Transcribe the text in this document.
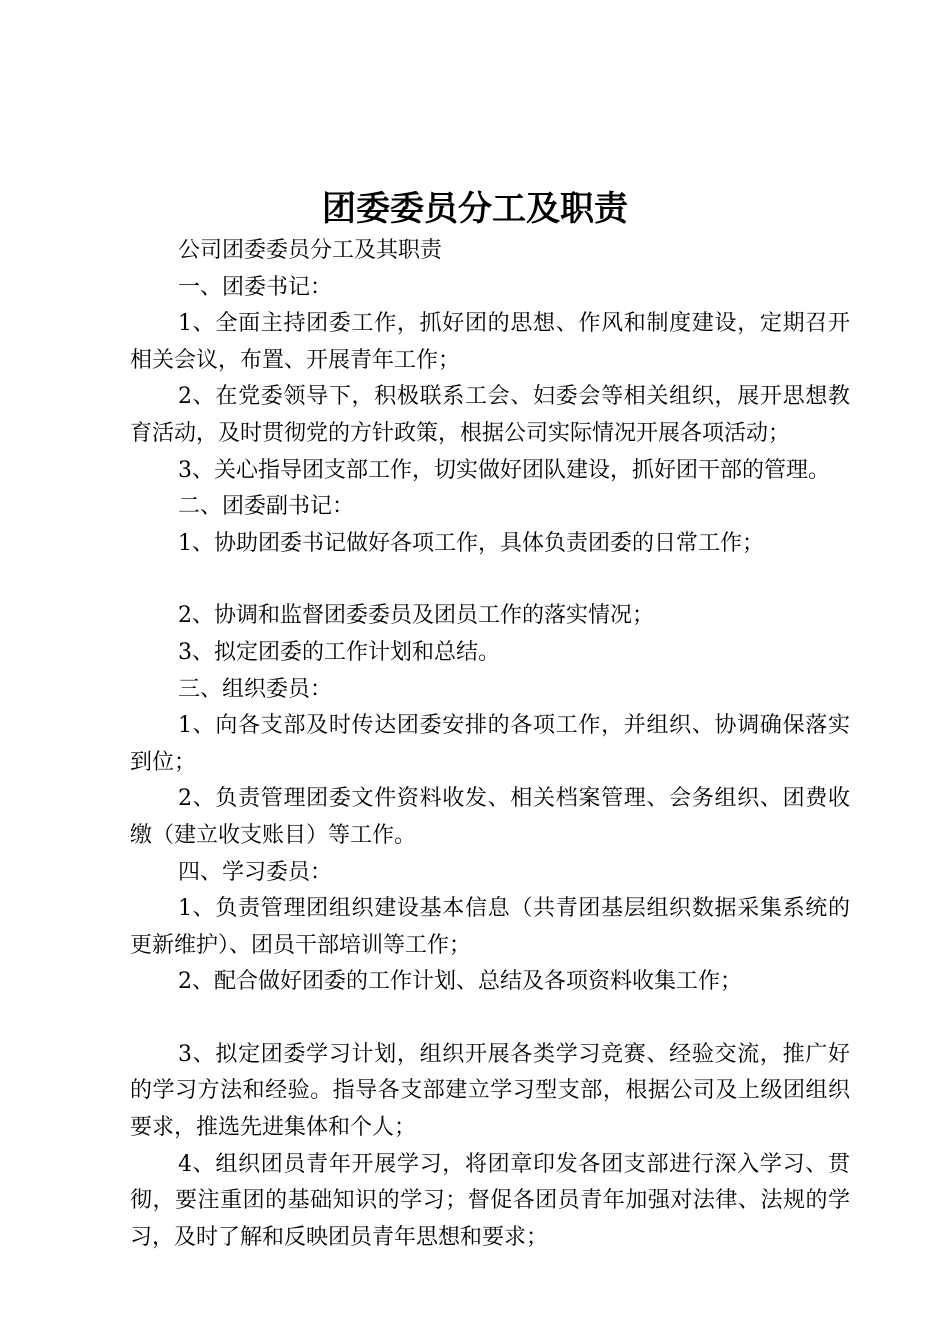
团委委员分工及职责

公司团委委员分工及其职责

一、团委书记：

1、全面主持团委工作，抓好团的思想、作风和制度建设，定期召开相关会议，布置、开展青年工作；

2、在党委领导下，积极联系工会、妇委会等相关组织，展开思想教育活动，及时贯彻党的方针政策，根据公司实际情况开展各项活动；

3、关心指导团支部工作，切实做好团队建设，抓好团干部的管理。

二、团委副书记：

1、协助团委书记做好各项工作，具体负责团委的日常工作；

2、协调和监督团委委员及团员工作的落实情况；

3、拟定团委的工作计划和总结。

三、组织委员：

1、向各支部及时传达团委安排的各项工作，并组织、协调确保落实到位；

2、负责管理团委文件资料收发、相关档案管理、会务组织、团费收缴（建立收支账目）等工作。

四、学习委员：

1、负责管理团组织建设基本信息（共青团基层组织数据采集系统的更新维护）、团员干部培训等工作；

2、配合做好团委的工作计划、总结及各项资料收集工作；

3、拟定团委学习计划，组织开展各类学习竞赛、经验交流，推广好的学习方法和经验。指导各支部建立学习型支部，根据公司及上级团组织要求，推选先进集体和个人；

4、组织团员青年开展学习，将团章印发各团支部进行深入学习、贯彻，要注重团的基础知识的学习；督促各团员青年加强对法律、法规的学习，及时了解和反映团员青年思想和要求；
